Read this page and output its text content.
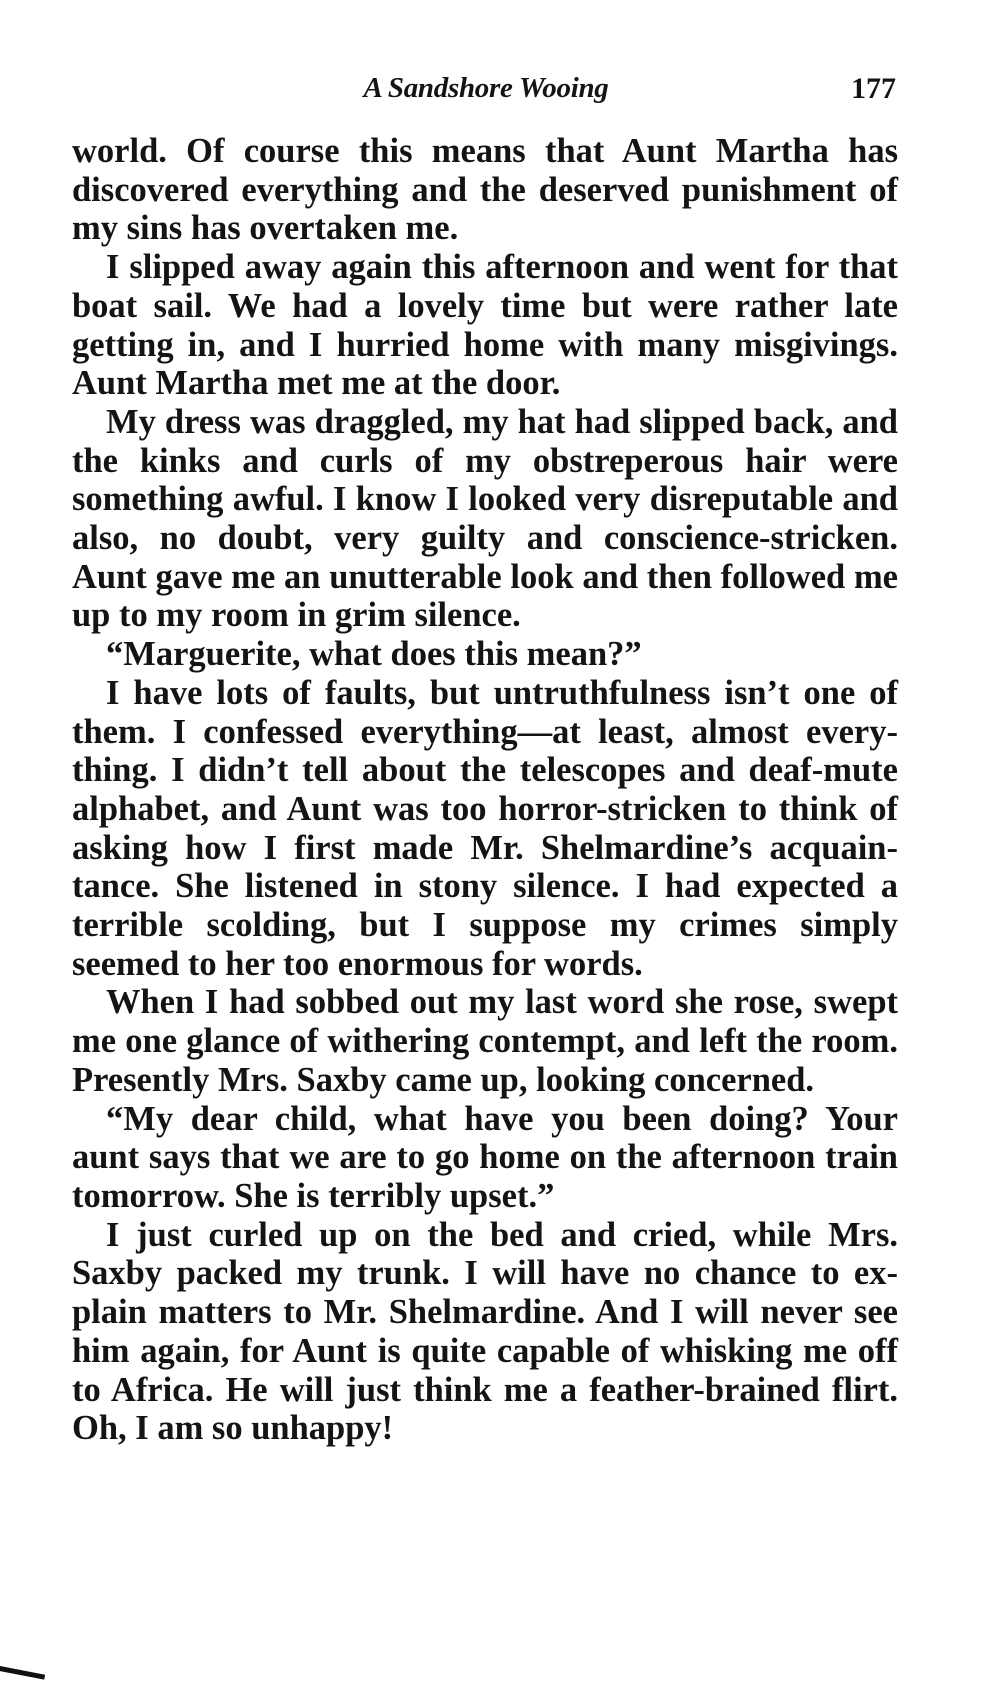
A Sandshore Wooing	177

world. Of course this means that Aunt Martha has discovered everything and the deserved punishment of my sins has overtaken me.

I slipped away again this afternoon and went for that boat sail. We had a lovely time but were rather late getting in, and I hurried home with many misgivings. Aunt Martha met me at the door.

My dress was draggled, my hat had slipped back, and the kinks and curls of my obstreperous hair were something awful. I know I looked very disreputable and also, no doubt, very guilty and conscience-stricken. Aunt gave me an unutterable look and then followed me up to my room in grim silence.

“Marguerite, what does this mean?”

I have lots of faults, but untruthfulness isn’t one of them. I confessed everything—at least, almost everything. I didn’t tell about the telescopes and deaf-mute alphabet, and Aunt was too horror-stricken to think of asking how I first made Mr. Shelmardine’s acquaintance. She listened in stony silence. I had expected a terrible scolding, but I suppose my crimes simply seemed to her too enormous for words.

When I had sobbed out my last word she rose, swept me one glance of withering contempt, and left the room. Presently Mrs. Saxby came up, looking concerned.

“My dear child, what have you been doing? Your aunt says that we are to go home on the afternoon train tomorrow. She is terribly upset.”

I just curled up on the bed and cried, while Mrs. Saxby packed my trunk. I will have no chance to explain matters to Mr. Shelmardine. And I will never see him again, for Aunt is quite capable of whisking me off to Africa. He will just think me a feather-brained flirt. Oh, I am so unhappy!
